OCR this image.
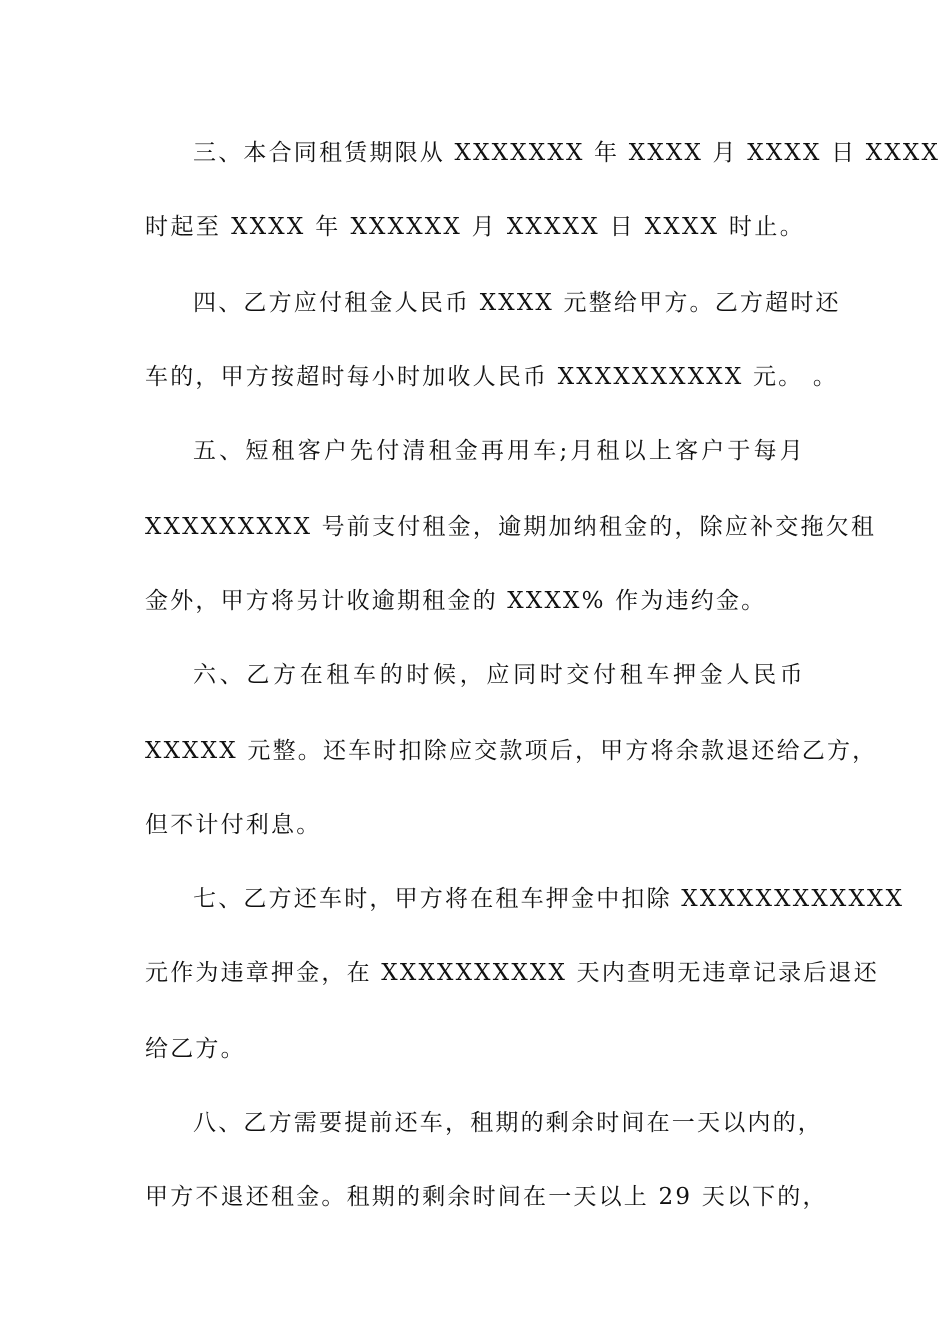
三、本合同租赁期限从 XXXXXXX 年 XXXX 月 XXXX 日 XXXX
时起至 XXXX 年 XXXXXX 月 XXXXX 日 XXXX 时止。
四、乙方应付租金人民币 XXXX 元整给甲方。乙方超时还
车的，甲方按超时每小时加收人民币 XXXXXXXXXX 元。 。
五、短租客户先付清租金再用车;月租以上客户于每月
XXXXXXXXX 号前支付租金，逾期加纳租金的，除应补交拖欠租
金外，甲方将另计收逾期租金的 XXXX% 作为违约金。
六、乙方在租车的时候，应同时交付租车押金人民币
XXXXX 元整。还车时扣除应交款项后，甲方将余款退还给乙方，
但不计付利息。
七、乙方还车时，甲方将在租车押金中扣除 XXXXXXXXXXXX
元作为违章押金，在 XXXXXXXXXX 天内查明无违章记录后退还
给乙方。
八、乙方需要提前还车，租期的剩余时间在一天以内的，
甲方不退还租金。租期的剩余时间在一天以上 29 天以下的，
